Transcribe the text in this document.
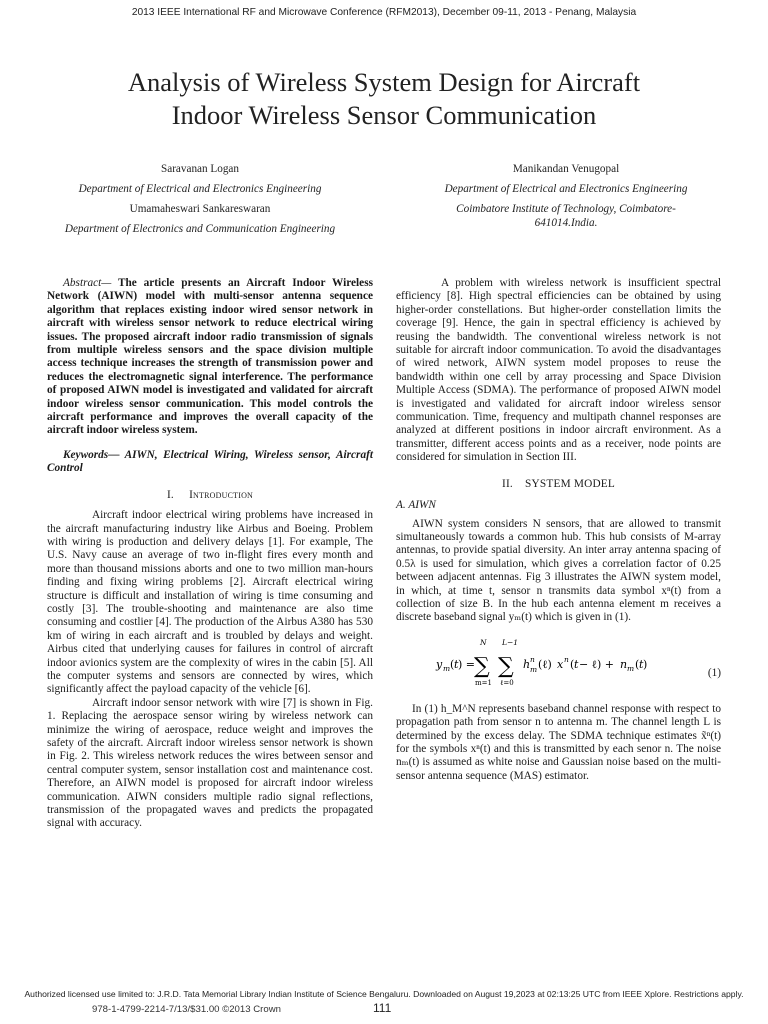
2013 IEEE International RF and Microwave Conference (RFM2013), December 09-11, 2013 - Penang, Malaysia
Analysis of Wireless System Design for Aircraft
Indoor Wireless Sensor Communication
Saravanan Logan
Department of Electrical and Electronics Engineering
Umamaheswari Sankareswaran
Department of Electronics and Communication Engineering
Manikandan Venugopal
Department of Electrical and Electronics Engineering
Coimbatore Institute of Technology, Coimbatore-
641014.India.

Abstract— The article presents an Aircraft Indoor Wireless Network (AIWN) model with multi-sensor antenna sequence algorithm that replaces existing indoor wired sensor network in aircraft with wireless sensor network to reduce electrical wiring issues. The proposed aircraft indoor radio transmission of signals from multiple wireless sensors and the space division multiple access technique increases the strength of transmission power and reduces the electromagnetic signal interference. The performance of proposed AIWN model is investigated and validated for aircraft indoor wireless sensor communication. This model controls the aircraft performance and improves the overall capacity of the aircraft indoor wireless system.

Keywords— AIWN, Electrical Wiring, Wireless sensor, Aircraft Control

I. Introduction

Aircraft indoor electrical wiring problems have increased in the aircraft manufacturing industry like Airbus and Boeing. Problem with wiring is production and delivery delays [1]. For example, The U.S. Navy cause an average of two in-flight fires every month and more than thousand missions aborts and one to two million man-hours finding and fixing wiring problems [2]. Aircraft electrical wiring structure is difficult and installation of wiring is time consuming and costly [3]. The trouble-shooting and maintenance are also time consuming and costlier [4]. The production of the Airbus A380 has 530 km of wiring in each aircraft and is troubled by delays and weight. Airbus cited that underlying causes for failures in control of aircraft indoor avionics system are the complexity of wires in the cabin [5]. All the computer systems and sensors are connected by wires, which significantly affect the payload capacity of the vehicle [6].

Aircraft indoor sensor network with wire [7] is shown in Fig. 1. Replacing the aerospace sensor wiring by wireless network can minimize the wiring of aerospace, reduce weight and improves the safety of the aircraft. Aircraft indoor wireless sensor network is shown in Fig. 2. This wireless network reduces the wires between sensor and central computer system, sensor installation cost and maintenance cost. Therefore, an AIWN model is proposed for aircraft indoor wireless communication. AIWN considers multiple radio signal reflections, transmission of the propagated waves and predicts the propagated signal with accuracy.

A problem with wireless network is insufficient spectral efficiency [8]. High spectral efficiencies can be obtained by using higher-order constellations. But higher-order constellation limits the coverage [9]. Hence, the gain in spectral efficiency is achieved by reusing the bandwidth. The conventional wireless network is not suitable for aircraft indoor communication. To avoid the disadvantages of wired network, AIWN system model proposes to reuse the bandwidth within one cell by array processing and Space Division Multiple Access (SDMA). The performance of proposed AIWN model is investigated and validated for aircraft indoor wireless sensor communication. Time, frequency and multipath channel responses are analyzed at different positions in indoor aircraft environment. As a transmitter, different access points and as a receiver, node points are considered for simulation in Section III.

II. SYSTEM MODEL

A. AIWN

AIWN system considers N sensors, that are allowed to transmit simultaneously towards a common hub. This hub consists of M-array antennas, to provide spatial diversity. An inter array antenna spacing of 0.5λ is used for simulation, which gives a correlation factor of 0.25 between adjacent antennas. Fig 3 illustrates the AIWN system model, in which, at time t, sensor n transmits data symbol xⁿ(t) from a collection of size B. In the hub each antenna element m receives a discrete baseband signal yₘ(t) which is given in (1).

y m ( t ) =
N
∑
m=1
L−1
∑
ℓ=0
h n
m (ℓ) x n ( t − ℓ) + n m ( t )
(1)

In (1) h_M^N represents baseband channel response with respect to propagation path from sensor n to antenna m. The channel length L is determined by the excess delay. The SDMA technique estimates x̃ⁿ(t) for the symbols xⁿ(t) and this is transmitted by each senor n. The noise nₘ(t) is assumed as white noise and Gaussian noise based on the multi-sensor antenna sequence (MAS) estimator.

Authorized licensed use limited to: J.R.D. Tata Memorial Library Indian Institute of Science Bengaluru. Downloaded on August 19,2023 at 02:13:25 UTC from IEEE Xplore. Restrictions apply.
978-1-4799-2214-7/13/$31.00 ©2013 Crown	111
